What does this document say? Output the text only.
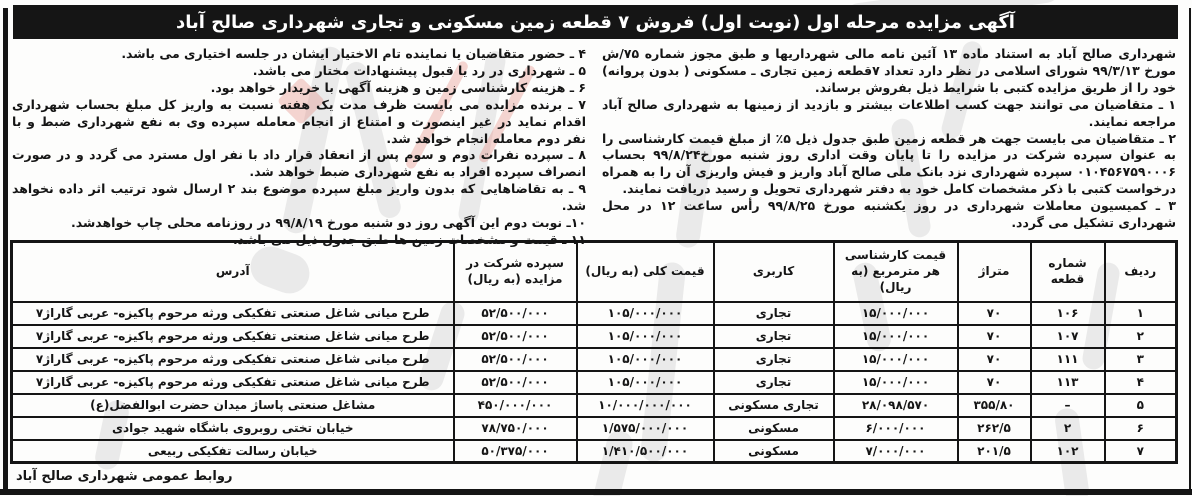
آگهی مزایده مرحله اول (نوبت اول) فروش ۷ قطعه زمین مسکونی و تجاری شهرداری صالح آباد

شهرداری صالح آباد به استناد ماده ۱۳ آئین نامه مالی شهرداریها و طبق مجوز شماره ۷۵/ش مورخ ۹۹/۳/۱۳ شورای اسلامی در نظر دارد تعداد ۷قطعه زمین تجاری ـ مسکونی ( بدون پروانه) خود را از طریق مزایده کتبی با شرایط ذیل بفروش برساند.

۱ ـ متقاضیان می توانند جهت کسب اطلاعات بیشتر و بازدید از زمینها به شهرداری صالح آباد مراجعه نمایند.
۲ ـ متقاضیان می بایست جهت هر قطعه زمین طبق جدول ذیل ۵٪ از مبلغ قیمت کارشناسی را به عنوان سپرده شرکت در مزایده را تا پایان وقت اداری روز شنبه مورخ۹۹/۸/۲۴ بحساب ۰۱۰۴۵۶۷۵۹۰۰۰۶ سپرده شهرداری نزد بانک ملی صالح آباد واریز و فیش واریزی آن را به همراه درخواست کتبی با ذکر مشخصات کامل خود به دفتر شهرداری تحویل و رسید دریافت نمایند.
۳ ـ کمیسیون معاملات شهرداری در روز یکشنبه مورخ ۹۹/۸/۲۵ رأس ساعت ۱۲ در محل شهرداری تشکیل می گردد.
۴ ـ حضور متقاضیان یا نماینده تام الاختیار ایشان در جلسه اختیاری می باشد.
۵ ـ شهرداری در رد یا قبول پیشنهادات مختار می باشد.
۶ ـ هزینه کارشناسی زمین و هزینه آگهی با خریدار خواهد بود.
۷ ـ برنده مزایده می بایست ظرف مدت یک هفته نسبت به واریز کل مبلغ بحساب شهرداری اقدام نماید در غیر اینصورت و امتناع از انجام معامله سپرده وی به نفع شهرداری ضبط و با نفر دوم معامله انجام خواهد شد.
۸ ـ سپرده نفرات دوم و سوم پس از انعقاد قرار داد با نفر اول مسترد می گردد و در صورت انصراف سپرده افراد به نفع شهرداری ضبط خواهد شد.
۹ ـ به تقاضاهایی که بدون واریز مبلغ سپرده موضوع بند ۲ ارسال شود ترتیب اثر داده نخواهد شد.
۱۰ـ نوبت دوم این آگهی روز دو شنبه مورخ ۹۹/۸/۱۹ در روزنامه محلی چاپ خواهدشد.
۱۱ ـ قیمت و مشخصات زمین ها طبق جدول ذیل می باشد.
ردیف	شماره قطعه	متراژ	قیمت کارشناسی هر مترمربع (به ریال)	کاربری	قیمت کلی (به ریال)	سپرده شرکت در مزایده (به ریال)	آدرس
۱	۱۰۶	۷۰	۱۵/۰۰۰/۰۰۰	تجاری	۱۰۵/۰۰۰/۰۰۰	۵۲/۵۰۰/۰۰۰	طرح میانی شاغل صنعتی تفکیکی ورثه مرحوم پاکیزه- عربی گاراژ۷
۲	۱۰۷	۷۰	۱۵/۰۰۰/۰۰۰	تجاری	۱۰۵/۰۰۰/۰۰۰	۵۲/۵۰۰/۰۰۰	طرح میانی شاغل صنعتی تفکیکی ورثه مرحوم پاکیزه- عربی گاراژ۷
۳	۱۱۱	۷۰	۱۵/۰۰۰/۰۰۰	تجاری	۱۰۵/۰۰۰/۰۰۰	۵۲/۵۰۰/۰۰۰	طرح میانی شاغل صنعتی تفکیکی ورثه مرحوم پاکیزه- عربی گاراژ۷
۴	۱۱۳	۷۰	۱۵/۰۰۰/۰۰۰	تجاری	۱۰۵/۰۰۰/۰۰۰	۵۲/۵۰۰/۰۰۰	طرح میانی شاغل صنعتی تفکیکی ورثه مرحوم پاکیزه- عربی گاراژ۷
۵	–	۳۵۵/۸۰	۲۸/۰۹۸/۵۷۰	تجاری مسکونی	۱۰/۰۰۰/۰۰۰/۰۰۰	۴۵۰/۰۰۰/۰۰۰	مشاغل صنعتی پاساژ میدان حضرت ابوالفضل(ع)
۶	۲	۲۶۲/۵	۶/۰۰۰/۰۰۰	مسکونی	۱/۵۷۵/۰۰۰/۰۰۰	۷۸/۷۵۰/۰۰۰	خیابان تختی روبروی باشگاه شهید جوادی
۷	۱۰۲	۲۰۱/۵	۷/۰۰۰/۰۰۰	مسکونی	۱/۴۱۰/۵۰۰/۰۰۰	۵۰/۳۷۵/۰۰۰	خیابان رسالت تفکیکی ربیعی
روابط عمومی شهرداری صالح آباد
